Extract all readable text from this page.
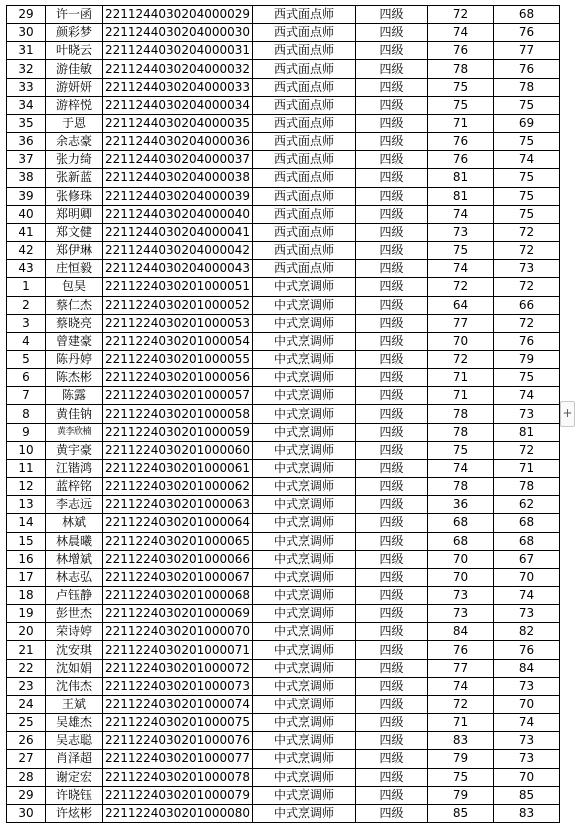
29	许一函	2211244030204000029	西式面点师	四级	72	68
30	颜彩梦	2211244030204000030	西式面点师	四级	74	76
31	叶晓云	2211244030204000031	西式面点师	四级	76	77
32	游佳敏	2211244030204000032	西式面点师	四级	78	76
33	游妍妍	2211244030204000033	西式面点师	四级	75	78
34	游梓悦	2211244030204000034	西式面点师	四级	75	75
35	于恩	2211244030204000035	西式面点师	四级	71	69
36	余志豪	2211244030204000036	西式面点师	四级	76	75
37	张力绮	2211244030204000037	西式面点师	四级	76	74
38	张新蓝	2211244030204000038	西式面点师	四级	81	75
39	张修珠	2211244030204000039	西式面点师	四级	81	75
40	郑明卿	2211244030204000040	西式面点师	四级	74	75
41	郑文健	2211244030204000041	西式面点师	四级	73	72
42	郑伊琳	2211244030204000042	西式面点师	四级	75	72
43	庄恒毅	2211244030204000043	西式面点师	四级	74	73
1	包昊	2211224030201000051	中式烹调师	四级	72	72
2	蔡仁杰	2211224030201000052	中式烹调师	四级	64	66
3	蔡晓亮	2211224030201000053	中式烹调师	四级	77	72
4	曾建豪	2211224030201000054	中式烹调师	四级	70	76
5	陈丹婷	2211224030201000055	中式烹调师	四级	72	79
6	陈杰彬	2211224030201000056	中式烹调师	四级	71	75
7	陈露	2211224030201000057	中式烹调师	四级	71	74
8	黄佳钠	2211224030201000058	中式烹调师	四级	78	73
9	黄李欣楠	2211224030201000059	中式烹调师	四级	78	81
10	黄宇豪	2211224030201000060	中式烹调师	四级	75	72
11	江锴鸿	2211224030201000061	中式烹调师	四级	74	71
12	蓝梓铭	2211224030201000062	中式烹调师	四级	78	78
13	李志远	2211224030201000063	中式烹调师	四级	36	62
14	林斌	2211224030201000064	中式烹调师	四级	68	68
15	林晨曦	2211224030201000065	中式烹调师	四级	68	68
16	林增斌	2211224030201000066	中式烹调师	四级	70	67
17	林志弘	2211224030201000067	中式烹调师	四级	70	70
18	卢钰静	2211224030201000068	中式烹调师	四级	73	74
19	彭世杰	2211224030201000069	中式烹调师	四级	73	73
20	荣诗婷	2211224030201000070	中式烹调师	四级	84	82
21	沈安琪	2211224030201000071	中式烹调师	四级	76	76
22	沈如娟	2211224030201000072	中式烹调师	四级	77	84
23	沈伟杰	2211224030201000073	中式烹调师	四级	74	73
24	王斌	2211224030201000074	中式烹调师	四级	72	70
25	吴雄杰	2211224030201000075	中式烹调师	四级	71	74
26	吴志聪	2211224030201000076	中式烹调师	四级	83	73
27	肖泽超	2211224030201000077	中式烹调师	四级	79	73
28	谢定宏	2211224030201000078	中式烹调师	四级	75	70
29	许晓钰	2211224030201000079	中式烹调师	四级	79	85
30	许炫彬	2211224030201000080	中式烹调师	四级	85	83
+
